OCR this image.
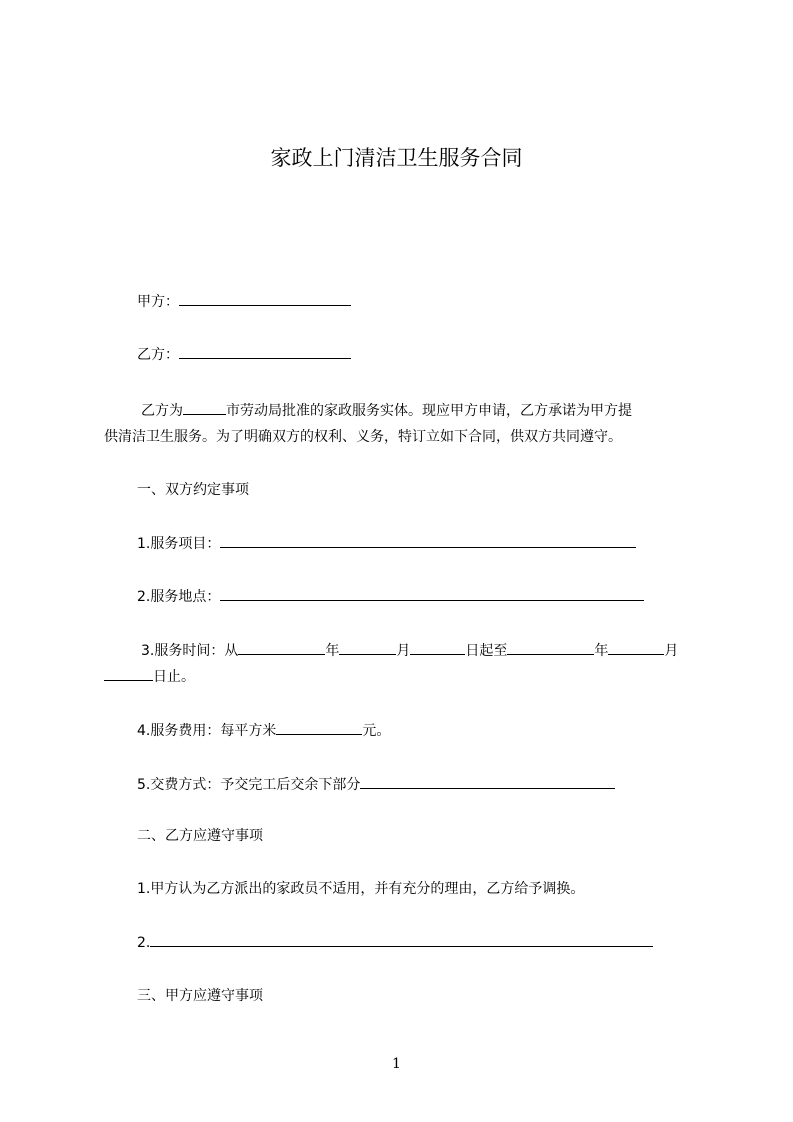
家政上门清洁卫生服务合同
甲方：
乙方：
乙方为	市劳动局批准的家政服务实体。现应甲方申请，乙方承诺为甲方提
供清洁卫生服务。为了明确双方的权利、义务，特订立如下合同，供双方共同遵守。
一、双方约定事项
1.服务项目：
2.服务地点：
3.服务时间：从	年	月	日起至	年	月
日止。
4.服务费用：每平方米	元。
5.交费方式：予交完工后交余下部分
二、乙方应遵守事项
1.甲方认为乙方派出的家政员不适用，并有充分的理由，乙方给予调换。
2.
三、甲方应遵守事项
1
